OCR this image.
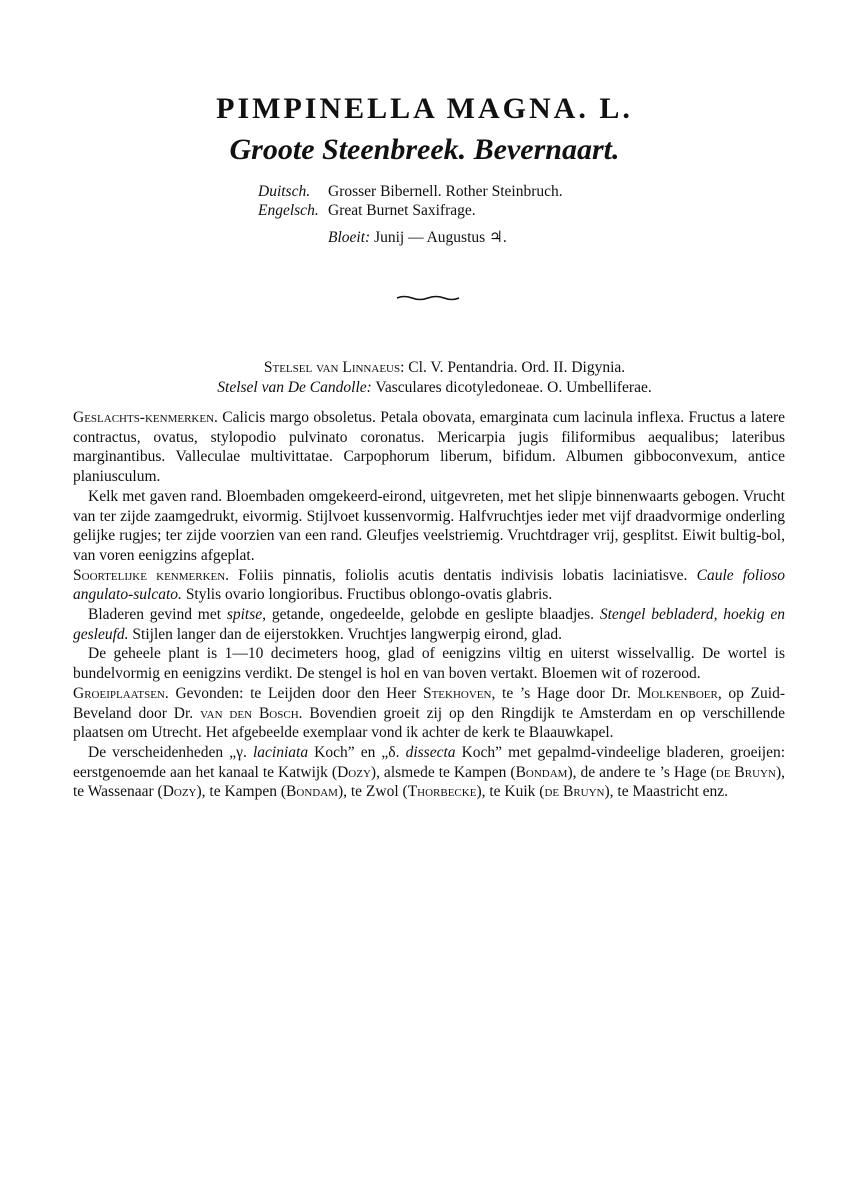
PIMPINELLA MAGNA. L.
Groote Steenbreek. Bevernaart.
Duitsch. Grosser Bibernell. Rother Steinbruch.
Engelsch. Great Burnet Saxifrage.
Bloeit: Junij — Augustus ♃.
Stelsel van Linnaeus: Cl. V. Pentandria. Ord. II. Digynia.
Stelsel van De Candolle: Vasculares dicotyledoneae. O. Umbelliferae.

Geslachts-kenmerken. Calicis margo obsoletus. Petala obovata, emarginata cum lacinula inflexa. Fructus a latere contractus, ovatus, stylopodio pulvinato coronatus. Mericarpia jugis filiformibus aequalibus; lateribus marginantibus. Valleculae multivittatae. Carpophorum liberum, bifidum. Albumen gibboconvexum, antice planiusculum.

Kelk met gaven rand. Bloembaden omgekeerd-eirond, uitgevreten, met het slipje binnenwaarts gebogen. Vrucht van ter zijde zaamgedrukt, eivormig. Stijlvoet kussenvormig. Halfvruchtjes ieder met vijf draadvormige onderling gelijke rugjes; ter zijde voorzien van een rand. Gleufjes veelstriemig. Vruchtdrager vrij, gesplitst. Eiwit bultig-bol, van voren eenigzins afgeplat.

Soortelijke kenmerken. Foliis pinnatis, foliolis acutis dentatis indivisis lobatis laciniatisve. Caule folioso angulato-sulcato. Stylis ovario longioribus. Fructibus oblongo-ovatis glabris.

Bladeren gevind met spitse, getande, ongedeelde, gelobde en geslipte blaadjes. Stengel bebladerd, hoekig en gesleufd. Stijlen langer dan de eijerstokken. Vruchtjes langwerpig eirond, glad.

De geheele plant is 1—10 decimeters hoog, glad of eenigzins viltig en uiterst wisselvallig. De wortel is bundelvormig en eenigzins verdikt. De stengel is hol en van boven vertakt. Bloemen wit of rozerood.

Groeiplaatsen. Gevonden: te Leijden door den Heer Stekhoven, te ’s Hage door Dr. Molkenboer, op Zuid-Beveland door Dr. van den Bosch. Bovendien groeit zij op den Ringdijk te Amsterdam en op verschillende plaatsen om Utrecht. Het afgebeelde exemplaar vond ik achter de kerk te Blaauwkapel.

De verscheidenheden „γ. laciniata Koch” en „δ. dissecta Koch” met gepalmd-vindeelige bladeren, groeijen: eerstgenoemde aan het kanaal te Katwijk (Dozy), alsmede te Kampen (Bondam), de andere te ’s Hage (de Bruyn), te Wassenaar (Dozy), te Kampen (Bondam), te Zwol (Thorbecke), te Kuik (de Bruyn), te Maastricht enz.
